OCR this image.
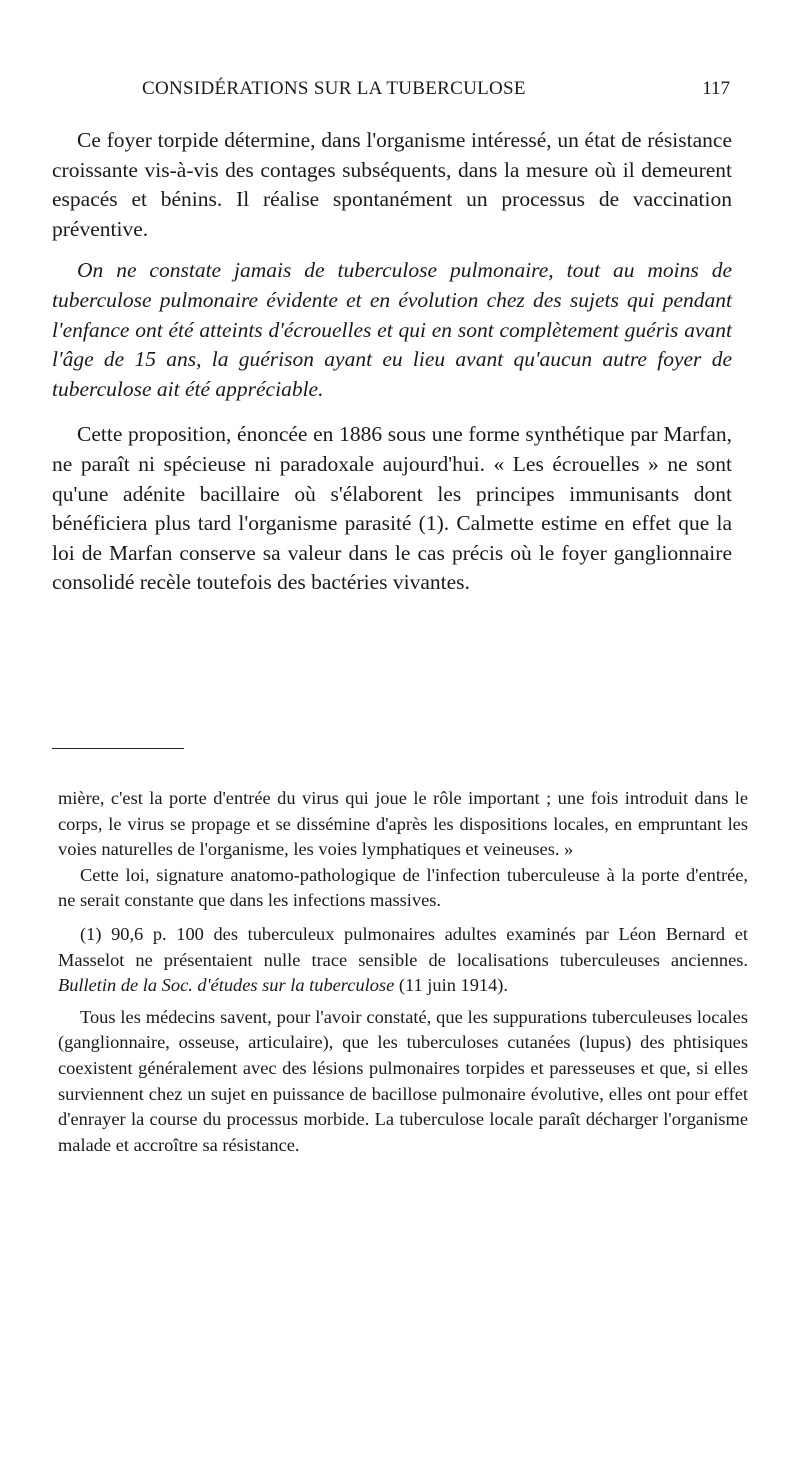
CONSIDÉRATIONS SUR LA TUBERCULOSE	117

Ce foyer torpide détermine, dans l'organisme intéressé, un état de résistance croissante vis-à-vis des contages subséquents, dans la mesure où il demeurent espacés et bénins. Il réalise spontanément un processus de vaccination préventive.

On ne constate jamais de tuberculose pulmonaire, tout au moins de tuberculose pulmonaire évidente et en évolution chez des sujets qui pendant l'enfance ont été atteints d'écrouelles et qui en sont complètement guéris avant l'âge de 15 ans, la guérison ayant eu lieu avant qu'aucun autre foyer de tuberculose ait été appréciable.

Cette proposition, énoncée en 1886 sous une forme synthétique par Marfan, ne paraît ni spécieuse ni paradoxale aujourd'hui. « Les écrouelles » ne sont qu'une adénite bacillaire où s'élaborent les principes immunisants dont bénéficiera plus tard l'organisme parasité (1). Calmette estime en effet que la loi de Marfan conserve sa valeur dans le cas précis où le foyer ganglionnaire consolidé recèle toutefois des bactéries vivantes.

mière, c'est la porte d'entrée du virus qui joue le rôle important ; une fois introduit dans le corps, le virus se propage et se dissémine d'après les dispositions locales, en empruntant les voies naturelles de l'organisme, les voies lymphatiques et veineuses. »

Cette loi, signature anatomo-pathologique de l'infection tuberculeuse à la porte d'entrée, ne serait constante que dans les infections massives.

(1) 90,6 p. 100 des tuberculeux pulmonaires adultes examinés par Léon Bernard et Masselot ne présentaient nulle trace sensible de localisations tuberculeuses anciennes. Bulletin de la Soc. d'études sur la tuberculose (11 juin 1914).

Tous les médecins savent, pour l'avoir constaté, que les suppurations tuberculeuses locales (ganglionnaire, osseuse, articulaire), que les tuberculoses cutanées (lupus) des phtisiques coexistent généralement avec des lésions pulmonaires torpides et paresseuses et que, si elles surviennent chez un sujet en puissance de bacillose pulmonaire évolutive, elles ont pour effet d'enrayer la course du processus morbide. La tuberculose locale paraît décharger l'organisme malade et accroître sa résistance.
